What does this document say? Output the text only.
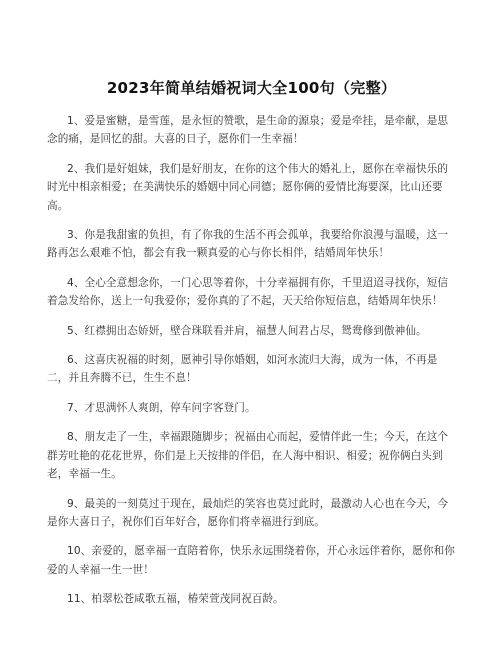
2023年简单结婚祝词大全100句（完整）

1、爱是蜜糖，是雪莲，是永恒的赞歌，是生命的源泉；爱是牵挂，是牵献，是思念的痛，是回忆的甜。大喜的日子，愿你们一生幸福！

2、我们是好姐妹，我们是好朋友，在你的这个伟大的婚礼上，愿你在幸福快乐的时光中相亲相爱；在美满快乐的婚姻中同心同德；愿你俩的爱情比海要深，比山还要高。

3、你是我甜蜜的负担，有了你我的生活不再会孤单，我要给你浪漫与温暖，这一路再怎么艰难不怕，都会有我一颗真爱的心与你长相伴，结婚周年快乐！

4、全心全意想念你，一门心思等着你，十分幸福拥有你，千里迢迢寻找你，短信着急发给你，送上一句我爱你；爱你真的了不起，天天给你短信息，结婚周年快乐！

5、红襟拥出态娇妍，壁合珠联看并肩，福慧人间君占尽，鸳鸯修到傲神仙。

6、这喜庆祝福的时刻，愿神引导你婚姻，如河水流归大海，成为一体，不再是二，并且奔腾不已，生生不息！

7、才思满怀人爽朗，停车问字客登门。

8、朋友走了一生，幸福跟随脚步；祝福由心而起，爱情伴此一生；今天，在这个群芳吐艳的花花世界，你们是上天按排的伴侣，在人海中相识、相爱；祝你俩白头到老，幸福一生。

9、最美的一刻莫过于现在，最灿烂的笑容也莫过此时，最激动人心也在今天，今是你大喜日子，祝你们百年好合，愿你们将幸福进行到底。

10、亲爱的，愿幸福一直陪着你，快乐永远围绕着你，开心永远伴着你，愿你和你爱的人幸福一生一世！

11、柏翠松苍咸歌五福，椿荣萱茂同祝百龄。
